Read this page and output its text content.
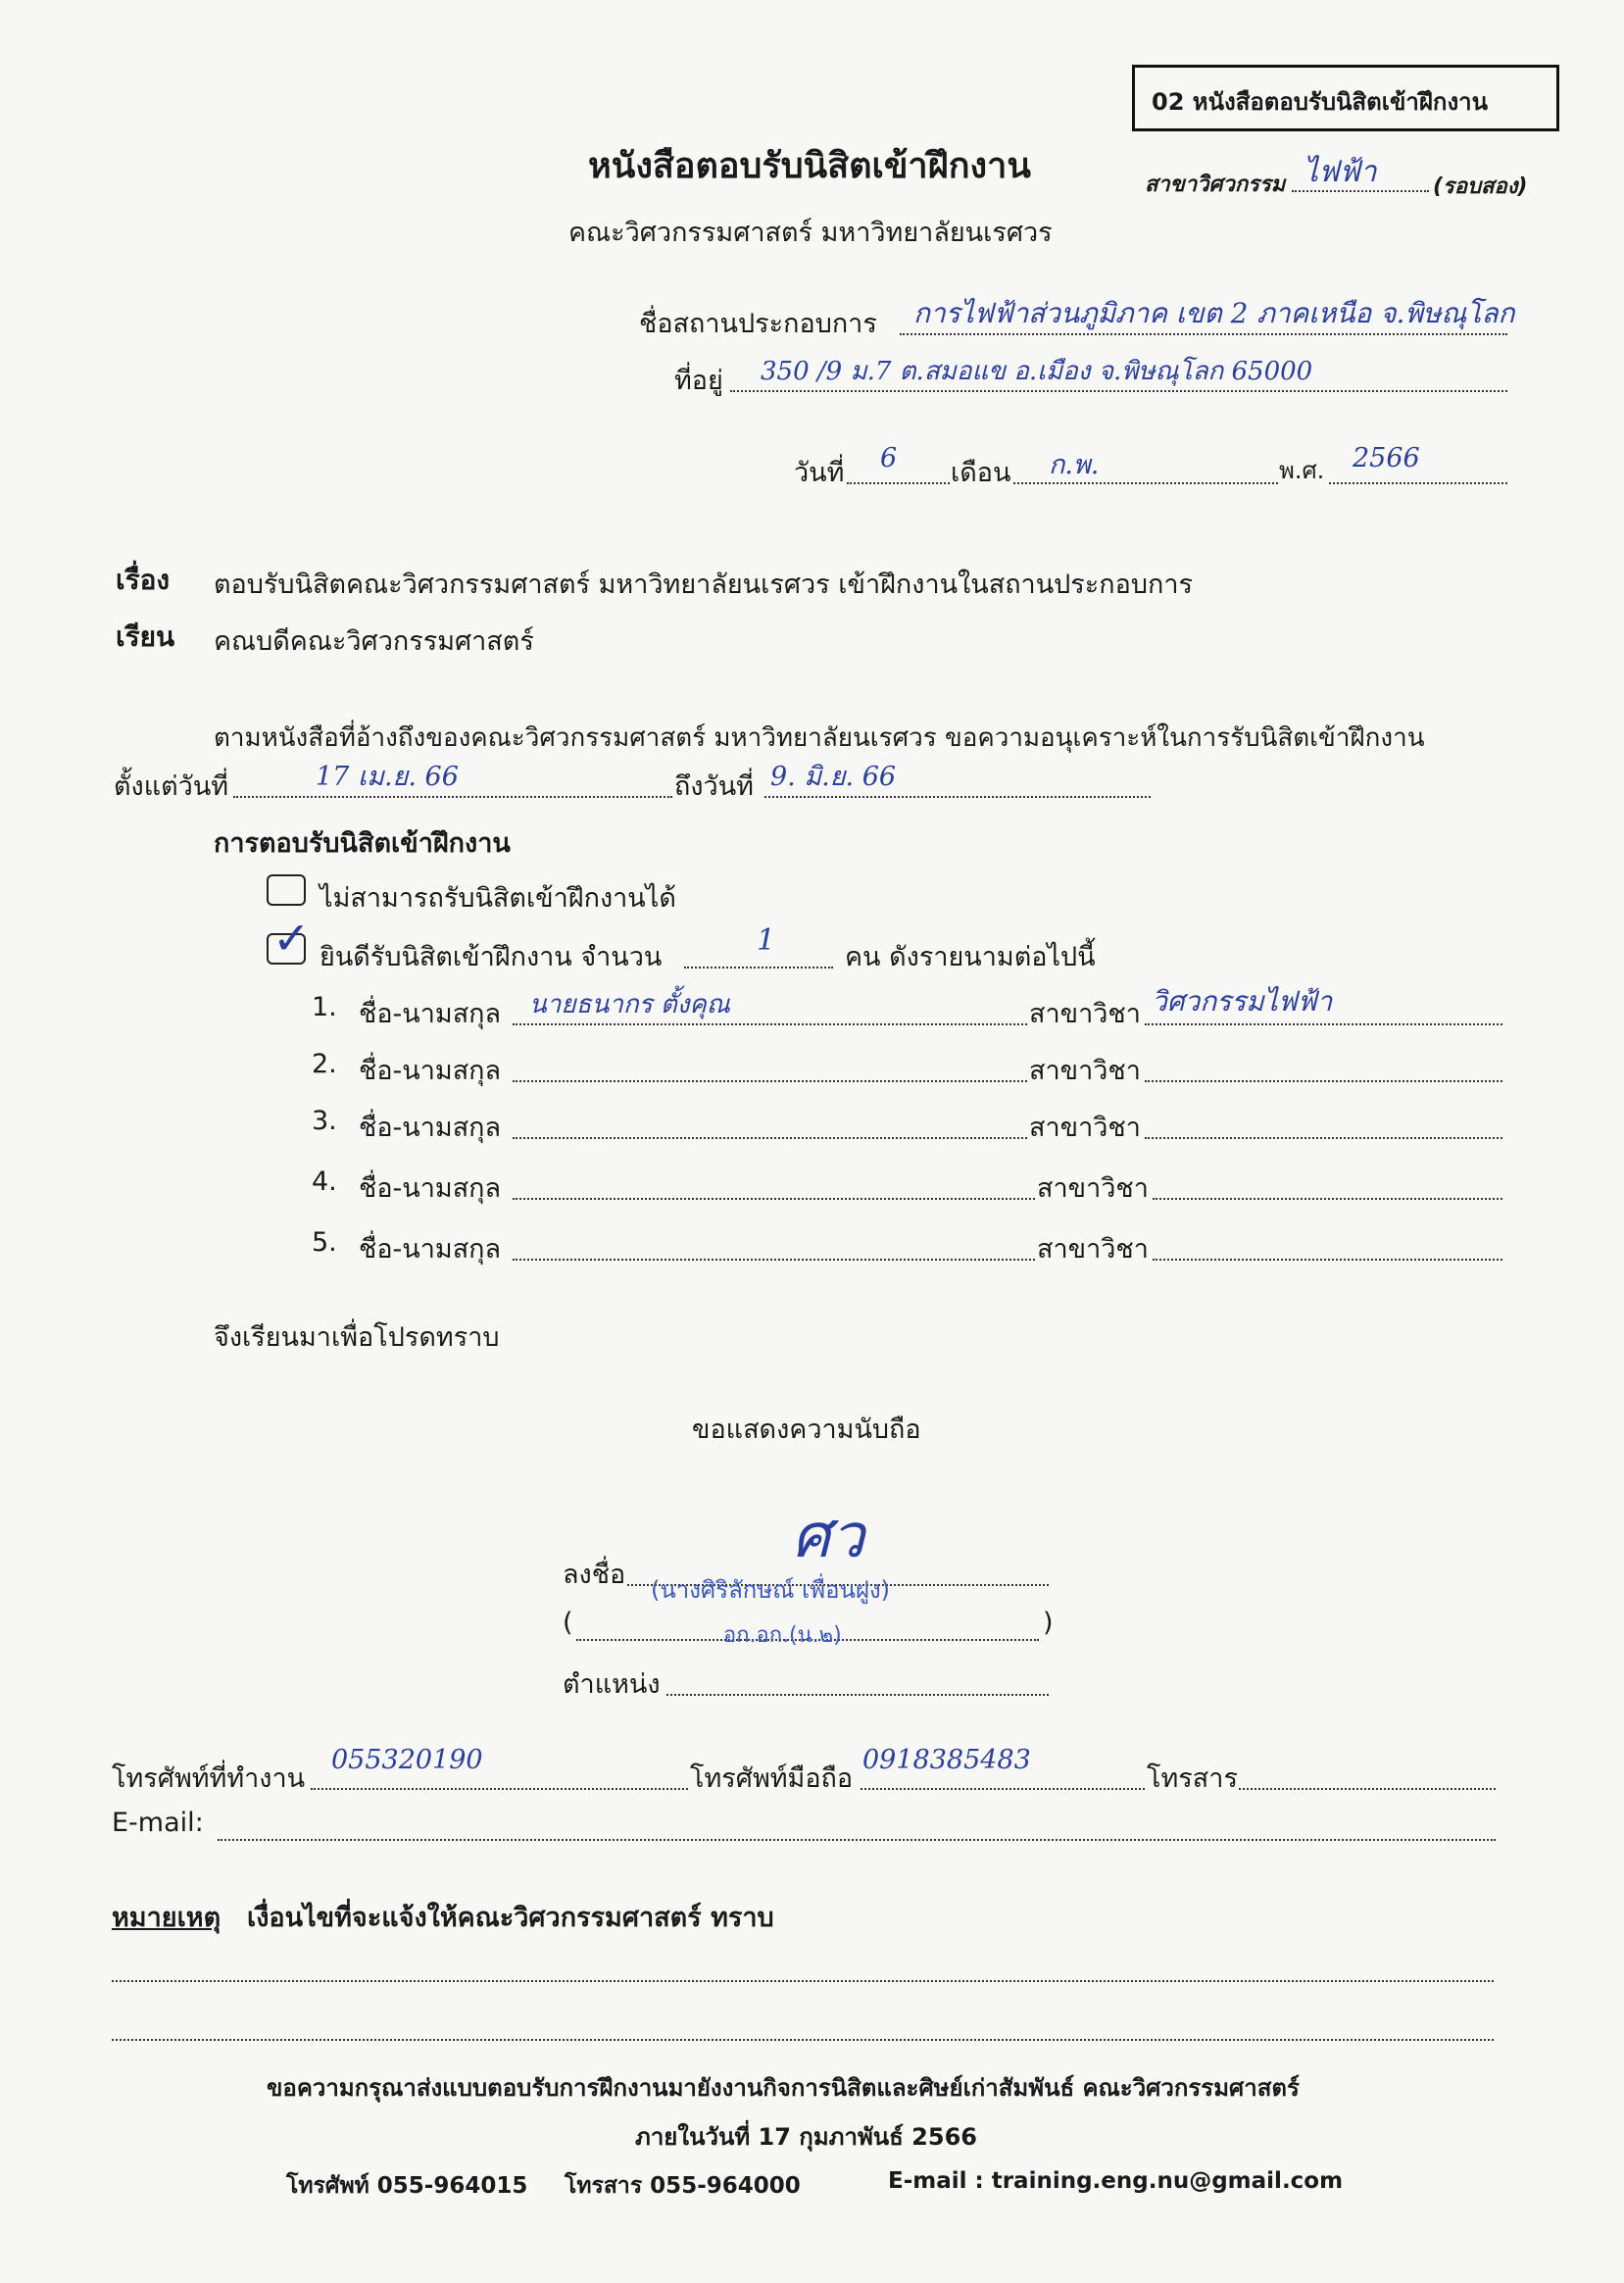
02 หนังสือตอบรับนิสิตเข้าฝึกงาน
หนังสือตอบรับนิสิตเข้าฝึกงาน
คณะวิศวกรรมศาสตร์ มหาวิทยาลัยนเรศวร
สาขาวิศวกรรม ไฟฟ้า	(รอบสอง)
ชื่อสถานประกอบการ การไฟฟ้าส่วนภูมิภาค เขต 2 ภาคเหนือ จ.พิษณุโลก
ที่อยู่ 350 /9 ม.7 ต.สมอแข อ.เมือง จ.พิษณุโลก 65000
วันที่ 6 เดือน ก.พ.	พ.ศ. 2566
เรื่อง ตอบรับนิสิตคณะวิศวกรรมศาสตร์ มหาวิทยาลัยนเรศวร เข้าฝึกงานในสถานประกอบการ
เรียน คณบดีคณะวิศวกรรมศาสตร์
ตามหนังสือที่อ้างถึงของคณะวิศวกรรมศาสตร์ มหาวิทยาลัยนเรศวร ขอความอนุเคราะห์ในการรับนิสิตเข้าฝึกงาน
ตั้งแต่วันที่	17 เม.ย. 66	ถึงวันที่ 9. มิ.ย. 66
การตอบรับนิสิตเข้าฝึกงาน
ไม่สามารถรับนิสิตเข้าฝึกงานได้
✓ ยินดีรับนิสิตเข้าฝึกงาน จำนวน	1	คน ดังรายนามต่อไปนี้
1. ชื่อ-นามสกุล นายธนากร ตั้งคุณ	สาขาวิชา วิศวกรรมไฟฟ้า
2. ชื่อ-นามสกุล	สาขาวิชา
3. ชื่อ-นามสกุล	สาขาวิชา
4. ชื่อ-นามสกุล	สาขาวิชา
5. ชื่อ-นามสกุล	สาขาวิชา
จึงเรียนมาเพื่อโปรดทราบ
ขอแสดงความนับถือ
ศว
ลงชื่อ (นางศิริลักษณ์ เพื่อนฝูง)
(	อก.อก.(น.๒)	)
ตำแหน่ง
โทรศัพท์ที่ทำงาน
055320190
โทรศัพท์มือถือ
0918385483
โทรสาร
E-mail:
หมายเหตุ เงื่อนไขที่จะแจ้งให้คณะวิศวกรรมศาสตร์ ทราบ
ขอความกรุณาส่งแบบตอบรับการฝึกงานมายังงานกิจการนิสิตและศิษย์เก่าสัมพันธ์ คณะวิศวกรรมศาสตร์
ภายในวันที่ 17 กุมภาพันธ์ 2566
โทรศัพท์ 055-964015 โทรสาร 055-964000	E-mail : training.eng.nu@gmail.com
